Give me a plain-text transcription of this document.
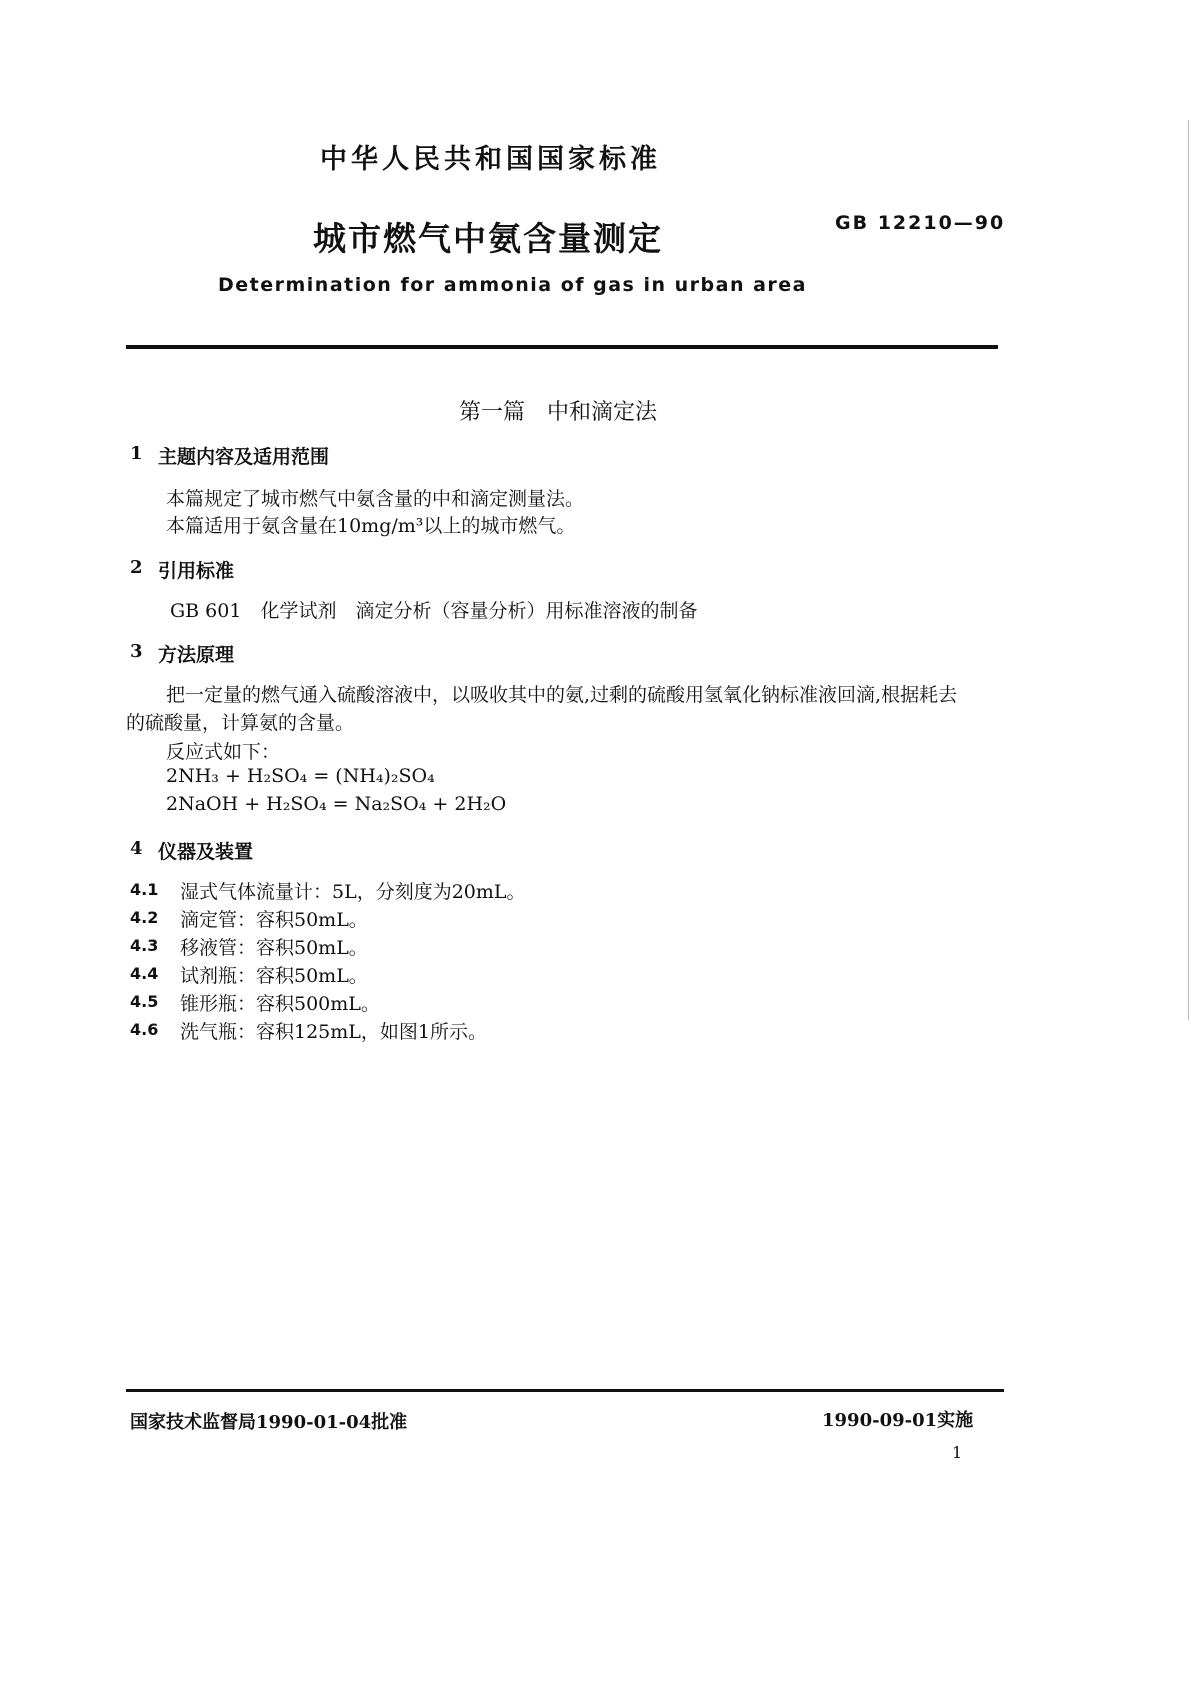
中华人民共和国国家标准
城市燃气中氨含量测定	GB 12210—90
Determination for ammonia of gas in urban area
第一篇　中和滴定法
1 主题内容及适用范围
本篇规定了城市燃气中氨含量的中和滴定测量法。
本篇适用于氨含量在10mg/m³以上的城市燃气。
2 引用标准
GB 601　化学试剂　滴定分析（容量分析）用标准溶液的制备
3 方法原理
把一定量的燃气通入硫酸溶液中，以吸收其中的氨,过剩的硫酸用氢氧化钠标准液回滴,根据耗去
的硫酸量，计算氨的含量。
反应式如下：
2NH₃ + H₂SO₄ = (NH₄)₂SO₄
2NaOH + H₂SO₄ = Na₂SO₄ + 2H₂O
4 仪器及装置
4.1 湿式气体流量计：5L，分刻度为20mL。
4.2 滴定管：容积50mL。
4.3 移液管：容积50mL。
4.4 试剂瓶：容积50mL。
4.5 锥形瓶：容积500mL。
4.6 洗气瓶：容积125mL，如图1所示。
国家技术监督局1990-01-04批准	1990-09-01实施
1
